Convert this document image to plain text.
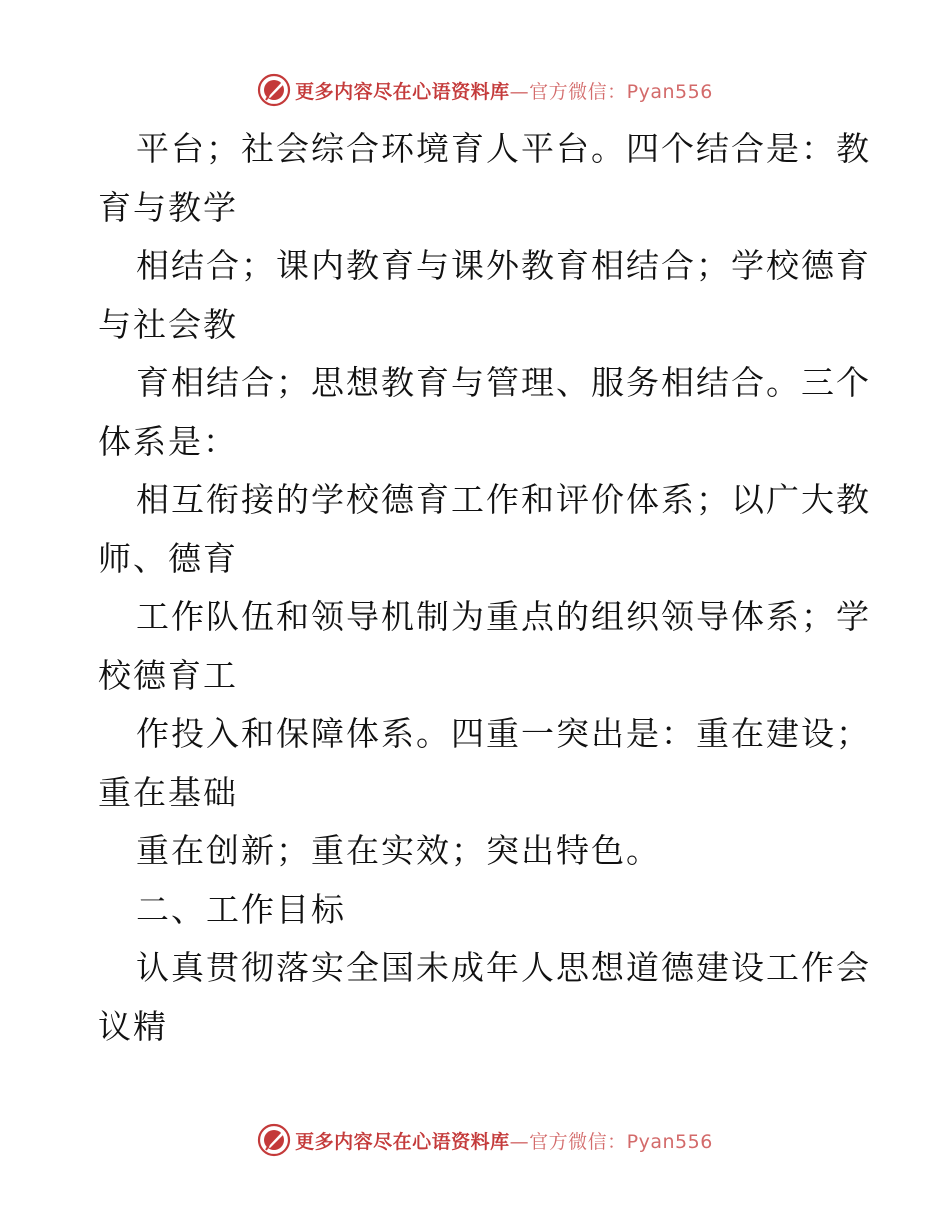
更多内容尽在心语资料库—官方微信：Pyan556
平台；社会综合环境育人平台。四个结合是：教
育与教学
相结合；课内教育与课外教育相结合；学校德育
与社会教
育相结合；思想教育与管理、服务相结合。三个
体系是：
相互衔接的学校德育工作和评价体系；以广大教
师、德育
工作队伍和领导机制为重点的组织领导体系；学
校德育工
作投入和保障体系。四重一突出是：重在建设；
重在基础
重在创新；重在实效；突出特色。
二、工作目标
认真贯彻落实全国未成年人思想道德建设工作会
议精
更多内容尽在心语资料库—官方微信：Pyan556
